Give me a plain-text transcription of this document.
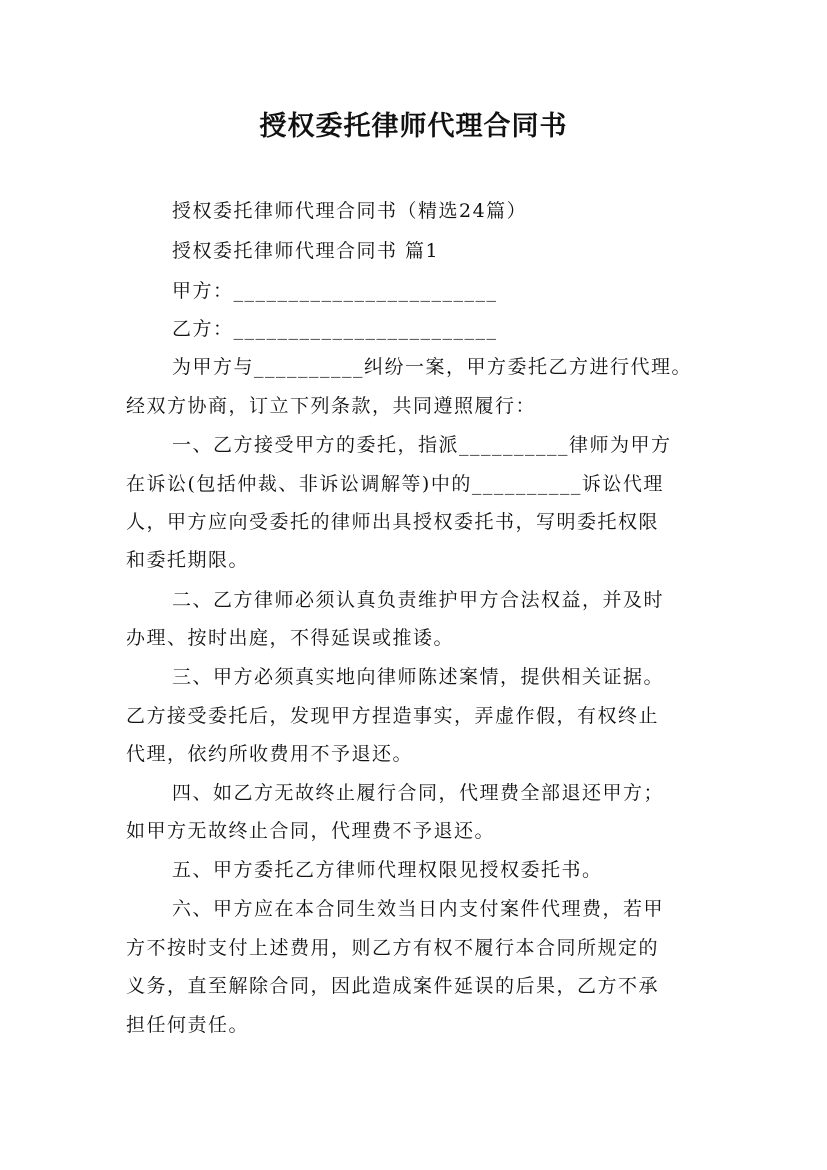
授权委托律师代理合同书
授权委托律师代理合同书（精选24篇）
授权委托律师代理合同书 篇1
甲方：________________________
乙方：________________________
为甲方与__________纠纷一案，甲方委托乙方进行代理。
经双方协商，订立下列条款，共同遵照履行：
一、乙方接受甲方的委托，指派__________律师为甲方
在诉讼(包括仲裁、非诉讼调解等)中的__________诉讼代理
人，甲方应向受委托的律师出具授权委托书，写明委托权限
和委托期限。
二、乙方律师必须认真负责维护甲方合法权益，并及时
办理、按时出庭，不得延误或推诿。
三、甲方必须真实地向律师陈述案情，提供相关证据。
乙方接受委托后，发现甲方捏造事实，弄虚作假，有权终止
代理，依约所收费用不予退还。
四、如乙方无故终止履行合同，代理费全部退还甲方；
如甲方无故终止合同，代理费不予退还。
五、甲方委托乙方律师代理权限见授权委托书。
六、甲方应在本合同生效当日内支付案件代理费，若甲
方不按时支付上述费用，则乙方有权不履行本合同所规定的
义务，直至解除合同，因此造成案件延误的后果，乙方不承
担任何责任。
